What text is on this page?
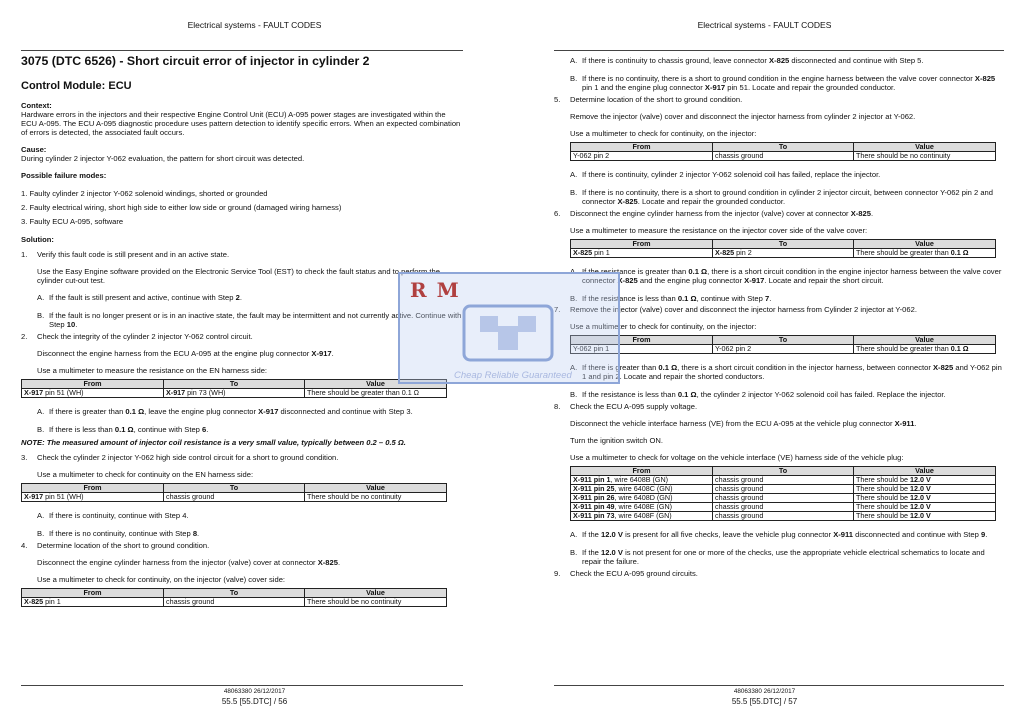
Electrical systems - FAULT CODES
3075 (DTC 6526) - Short circuit error of injector in cylinder 2
Control Module: ECU
Context:

Hardware errors in the injectors and their respective Engine Control Unit (ECU) A-095 power stages are investigated within the ECU A-095. The ECU A-095 diagnostic procedure uses pattern detection to identify specific errors. When an expected combination of errors is detected, the associated fault occurs.

Cause:

During cylinder 2 injector Y-062 evaluation, the pattern for short circuit was detected.

Possible failure modes:
1. Faulty cylinder 2 injector Y-062 solenoid windings, shorted or grounded
2. Faulty electrical wiring, short high side to either low side or ground (damaged wiring harness)
3. Faulty ECU A-095, software
Solution:
1. Verify this fault code is still present and in an active state.

Use the Easy Engine software provided on the Electronic Service Tool (EST) to check the fault status and to perform the cylinder cut-out test.

A. If the fault is still present and active, continue with Step 2.
B. If the fault is no longer present or is in an inactive state, the fault may be intermittent and not currently active. Continue with Step 10.
2. Check the integrity of the cylinder 2 injector Y-062 control circuit.

Disconnect the engine harness from the ECU A-095 at the engine plug connector X-917.

Use a multimeter to measure the resistance on the EN harness side:

From	To	Value
X-917 pin 51 (WH)	X-917 pin 73 (WH)	There should be greater than 0.1 Ω
A. If there is greater than 0.1 Ω, leave the engine plug connector X-917 disconnected and continue with Step 3.
B. If there is less than 0.1 Ω, continue with Step 6.

NOTE: The measured amount of injector coil resistance is a very small value, typically between 0.2 – 0.5 Ω.

3. Check the cylinder 2 injector Y-062 high side control circuit for a short to ground condition.

Use a multimeter to check for continuity on the EN harness side:

From	To	Value
X-917 pin 51 (WH)	chassis ground	There should be no continuity
A. If there is continuity, continue with Step 4.
B. If there is no continuity, continue with Step 8.
4. Determine location of the short to ground condition.

Disconnect the engine cylinder harness from the injector (valve) cover at connector X-825.

Use a multimeter to check for continuity, on the injector (valve) cover side:

From	To	Value
X-825 pin 1	chassis ground	There should be no continuity
48063380 26/12/2017
55.5 [55.DTC] / 56
Electrical systems - FAULT CODES
A. If there is continuity to chassis ground, leave connector X-825 disconnected and continue with Step 5.
B. If there is no continuity, there is a short to ground condition in the engine harness between the valve cover connector X-825 pin 1 and the engine plug connector X-917 pin 51. Locate and repair the grounded conductor.
5. Determine location of the short to ground condition.

Remove the injector (valve) cover and disconnect the injector harness from cylinder 2 injector at Y-062.

Use a multimeter to check for continuity, on the injector:

From	To	Value
Y-062 pin 2	chassis ground	There should be no continuity
A. If there is continuity, cylinder 2 injector Y-062 solenoid coil has failed, replace the injector.
B. If there is no continuity, there is a short to ground condition in cylinder 2 injector circuit, between connector Y-062 pin 2 and connector X-825. Locate and repair the grounded conductor.
6. Disconnect the engine cylinder harness from the injector (valve) cover at connector X-825.

Use a multimeter to measure the resistance on the injector cover side of the valve cover:

From	To	Value
X-825 pin 1	X-825 pin 2	There should be greater than 0.1 Ω
A. If the resistance is greater than 0.1 Ω, there is a short circuit condition in the engine injector harness between the valve cover connector X-825 and the engine plug connector X-917. Locate and repair the short circuit.
B. If the resistance is less than 0.1 Ω, continue with Step 7.
7. Remove the injector (valve) cover and disconnect the injector harness from Cylinder 2 injector at Y-062.

Use a multimeter to check for continuity, on the injector:

From	To	Value
Y-062 pin 1	Y-062 pin 2	There should be greater than 0.1 Ω
A. If there is greater than 0.1 Ω, there is a short circuit condition in the injector harness, between connector X-825 and Y-062 pin 1 and pin 2. Locate and repair the shorted conductors.
B. If the resistance is less than 0.1 Ω, the cylinder 2 injector Y-062 solenoid coil has failed. Replace the injector.
8. Check the ECU A-095 supply voltage.

Disconnect the vehicle interface harness (VE) from the ECU A-095 at the vehicle plug connector X-911.

Turn the ignition switch ON.

Use a multimeter to check for voltage on the vehicle interface (VE) harness side of the vehicle plug:

From	To	Value
X-911 pin 1, wire 6408B (GN)	chassis ground	There should be 12.0 V
X-911 pin 25, wire 6408C (GN)	chassis ground	There should be 12.0 V
X-911 pin 26, wire 6408D (GN)	chassis ground	There should be 12.0 V
X-911 pin 49, wire 6408E (GN)	chassis ground	There should be 12.0 V
X-911 pin 73, wire 6408F (GN)	chassis ground	There should be 12.0 V
A. If the 12.0 V is present for all five checks, leave the vehicle plug connector X-911 disconnected and continue with Step 9.
B. If the 12.0 V is not present for one or more of the checks, use the appropriate vehicle electrical schematics to locate and repair the failure.
9. Check the ECU A-095 ground circuits.

48063380 26/12/2017
55.5 [55.DTC] / 57
RM
Cheap Reliable Guaranteed
